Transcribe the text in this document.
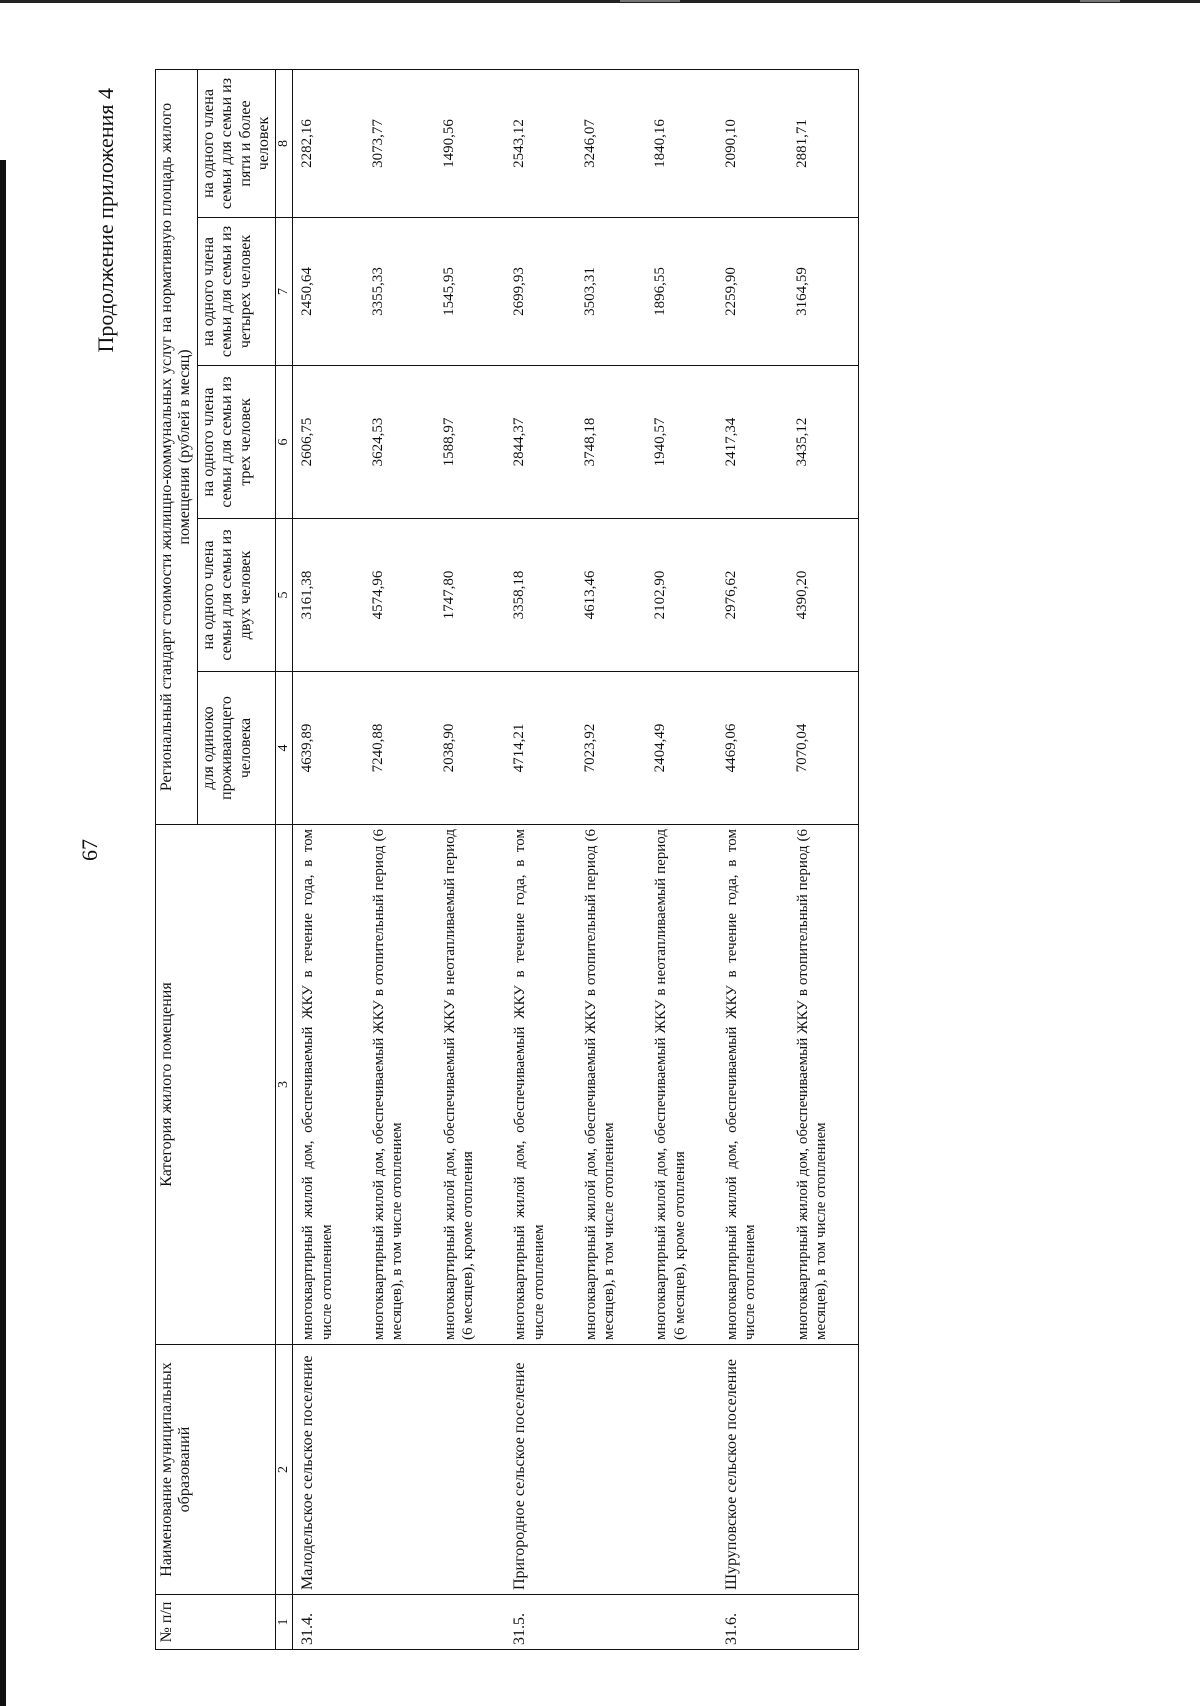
67
Продолжение приложения 4
№ п/п	Наименование муниципальных образований	Категория жилого помещения	Региональный стандарт стоимости жилищно-коммунальных услуг на нормативную площадь жилого помещения (рублей в месяц)				
			для одиноко проживающего человека	на одного члена семьи для семьи из двух человек	на одного члена семьи для семьи из трех человек	на одного члена семьи для семьи из четырех человек	на одного члена семьи для семьи из пяти и более человек
1	2	3	4	5	6	7	8
31.4.	Малодельское сельское поселение	многоквартирный жилой дом, обеспечиваемый ЖКУ в течение года, в том числе отоплением	4639,89	3161,38	2606,75	2450,64	2282,16
		многоквартирный жилой дом, обеспечиваемый ЖКУ в отопительный период (6 месяцев), в том числе отоплением	7240,88	4574,96	3624,53	3355,33	3073,77
		многоквартирный жилой дом, обеспечиваемый ЖКУ в неотапливаемый период (6 месяцев), кроме отопления	2038,90	1747,80	1588,97	1545,95	1490,56
31.5.	Пригородное сельское поселение	многоквартирный жилой дом, обеспечиваемый ЖКУ в течение года, в том числе отоплением	4714,21	3358,18	2844,37	2699,93	2543,12
		многоквартирный жилой дом, обеспечиваемый ЖКУ в отопительный период (6 месяцев), в том числе отоплением	7023,92	4613,46	3748,18	3503,31	3246,07
		многоквартирный жилой дом, обеспечиваемый ЖКУ в неотапливаемый период (6 месяцев), кроме отопления	2404,49	2102,90	1940,57	1896,55	1840,16
31.6.	Шуруповское сельское поселение	многоквартирный жилой дом, обеспечиваемый ЖКУ в течение года, в том числе отоплением	4469,06	2976,62	2417,34	2259,90	2090,10
		многоквартирный жилой дом, обеспечиваемый ЖКУ в отопительный период (6 месяцев), в том числе отоплением	7070,04	4390,20	3435,12	3164,59	2881,71
